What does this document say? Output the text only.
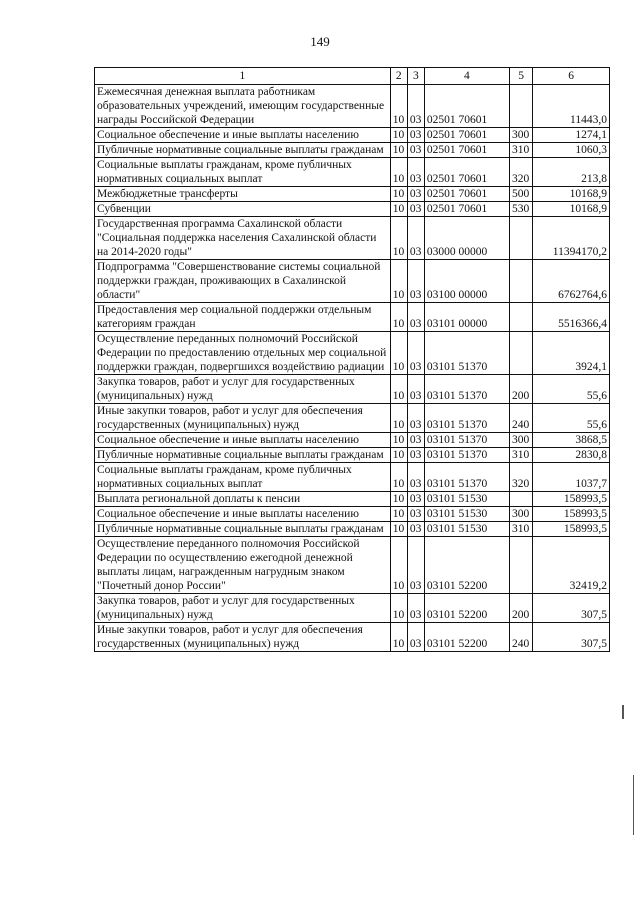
149
1	2	3	4	5	6
Ежемесячная денежная выплата работникам образовательных учреждений, имеющим государственные награды Российской Федерации	10	03	02501 70601		11443,0
Социальное обеспечение и иные выплаты населению	10	03	02501 70601	300	1274,1
Публичные нормативные социальные выплаты гражданам	10	03	02501 70601	310	1060,3
Социальные выплаты гражданам, кроме публичных нормативных социальных выплат	10	03	02501 70601	320	213,8
Межбюджетные трансферты	10	03	02501 70601	500	10168,9
Субвенции	10	03	02501 70601	530	10168,9
Государственная программа Сахалинской области "Социальная поддержка населения Сахалинской области на 2014-2020 годы"	10	03	03000 00000		11394170,2
Подпрограмма "Совершенствование системы социальной поддержки граждан, проживающих в Сахалинской области"	10	03	03100 00000		6762764,6
Предоставления мер социальной поддержки отдельным категориям граждан	10	03	03101 00000		5516366,4
Осуществление переданных полномочий Российской Федерации по предоставлению отдельных мер социальной поддержки граждан, подвергшихся воздействию радиации	10	03	03101 51370		3924,1
Закупка товаров, работ и услуг для государственных (муниципальных) нужд	10	03	03101 51370	200	55,6
Иные закупки товаров, работ и услуг для обеспечения государственных (муниципальных) нужд	10	03	03101 51370	240	55,6
Социальное обеспечение и иные выплаты населению	10	03	03101 51370	300	3868,5
Публичные нормативные социальные выплаты гражданам	10	03	03101 51370	310	2830,8
Социальные выплаты гражданам, кроме публичных нормативных социальных выплат	10	03	03101 51370	320	1037,7
Выплата региональной доплаты к пенсии	10	03	03101 51530		158993,5
Социальное обеспечение и иные выплаты населению	10	03	03101 51530	300	158993,5
Публичные нормативные социальные выплаты гражданам	10	03	03101 51530	310	158993,5
Осуществление переданного полномочия Российской Федерации по осуществлению ежегодной денежной выплаты лицам, награжденным нагрудным знаком "Почетный донор России"	10	03	03101 52200		32419,2
Закупка товаров, работ и услуг для государственных (муниципальных) нужд	10	03	03101 52200	200	307,5
Иные закупки товаров, работ и услуг для обеспечения государственных (муниципальных) нужд	10	03	03101 52200	240	307,5
